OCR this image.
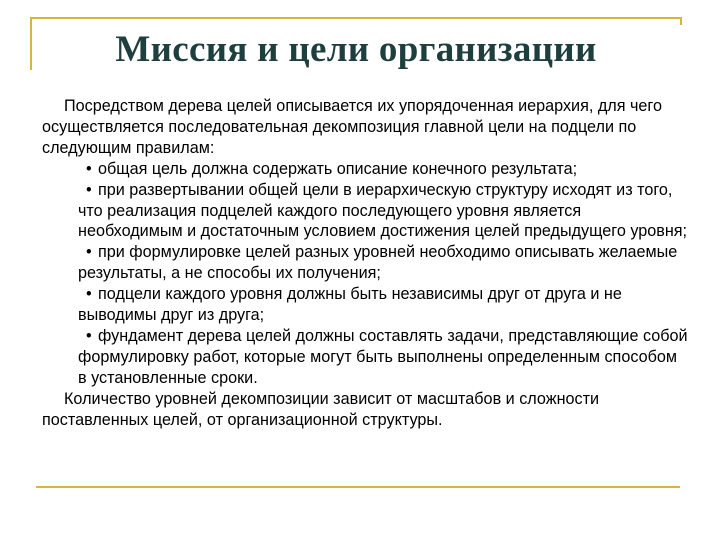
Миссия и цели организации

Посредством дерева целей описывается их упорядоченная иерархия, для чего осуществляется последовательная декомпозиция главной цели на подцели по следующим правилам:

• общая цель должна содержать описание конечного результата;
• при развертывании общей цели в иерархическую структуру исходят из того, что реализация подцелей каждого последующего уровня является необходимым и достаточным условием достижения целей предыдущего уровня;
• при формулировке целей разных уровней необходимо описывать желаемые результаты, а не способы их получения;
• подцели каждого уровня должны быть независимы друг от друга и не выводимы друг из друга;
• фундамент дерева целей должны составлять задачи, представляющие собой формулировку работ, которые могут быть выполнены определенным способом в установленные сроки.

Количество уровней декомпозиции зависит от масштабов и сложности поставленных целей, от организационной структуры.
